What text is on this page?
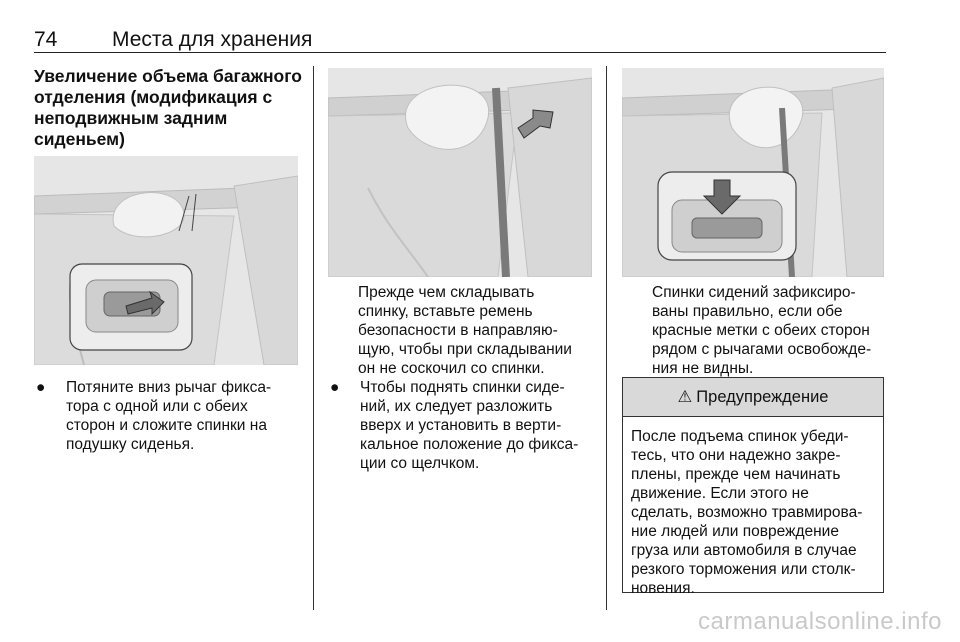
74	Места для хранения
Увеличение объема багажного
отделения (модификация с
неподвижным задним
сиденьем)
● Потяните вниз рычаг фикса-
тора с одной или с обеих
сторон и сложите спинки на
подушку сиденья.
Прежде чем складывать
спинку, вставьте ремень
безопасности в направляю-
щую, чтобы при складывании
он не соскочил со спинки.
● Чтобы поднять спинки сиде-
ний, их следует разложить
вверх и установить в верти-
кальное положение до фикса-
ции со щелчком.
Спинки сидений зафиксиро-
ваны правильно, если обе
красные метки с обеих сторон
рядом с рычагами освобожде-
ния не видны.
⚠ Предупреждение
После подъема спинок убеди-
тесь, что они надежно закре-
плены, прежде чем начинать
движение. Если этого не
сделать, возможно травмирова-
ние людей или повреждение
груза или автомобиля в случае
резкого торможения или столк-
новения.
carmanualsonline.info
